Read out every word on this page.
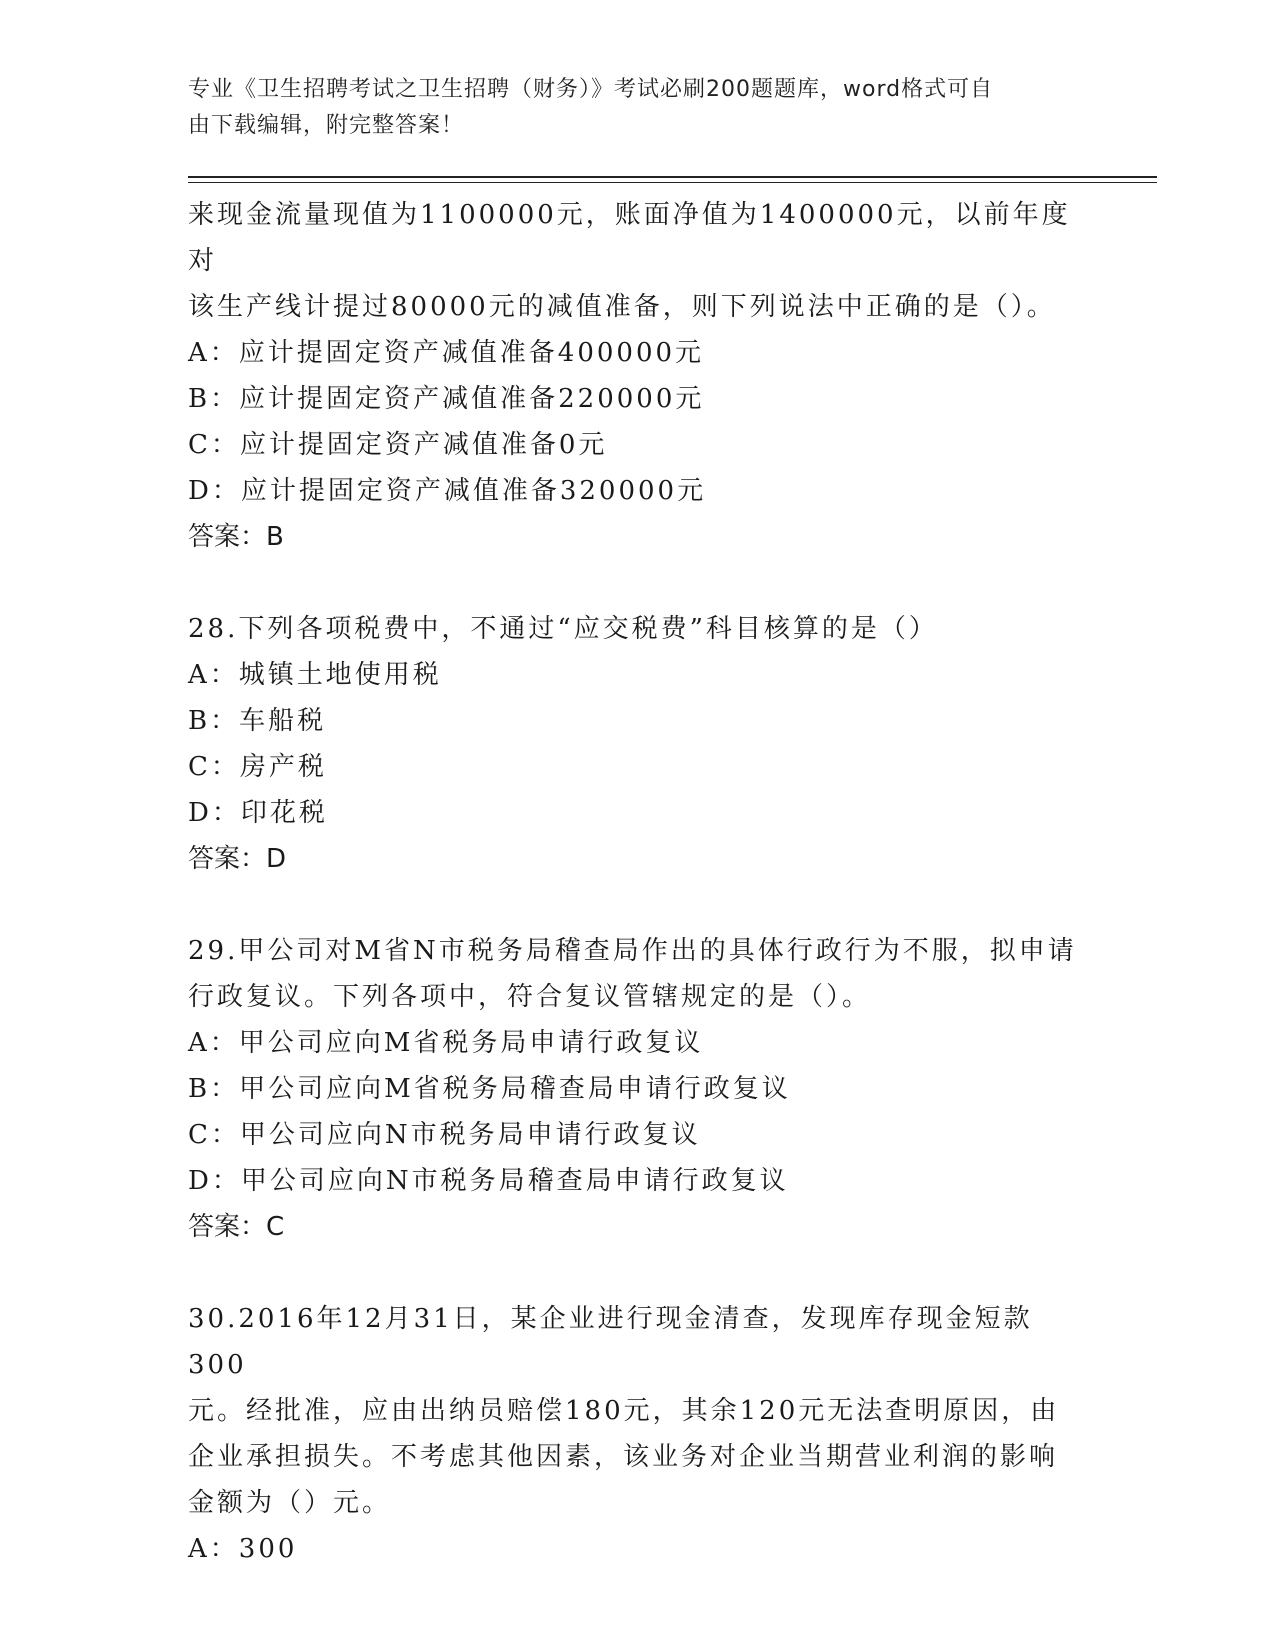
专业《卫生招聘考试之卫生招聘（财务）》考试必刷200题题库，word格式可自
由下载编辑，附完整答案！

来现金流量现值为1100000元，账面净值为1400000元，以前年度对

该生产线计提过80000元的减值准备，则下列说法中正确的是（）。

A：应计提固定资产减值准备400000元

B：应计提固定资产减值准备220000元

C：应计提固定资产减值准备0元

D：应计提固定资产减值准备320000元

答案：B

28.下列各项税费中，不通过“应交税费”科目核算的是（）

A：城镇土地使用税

B：车船税

C：房产税

D：印花税

答案：D

29.甲公司对M省N市税务局稽查局作出的具体行政行为不服，拟申请

行政复议。下列各项中，符合复议管辖规定的是（）。

A：甲公司应向M省税务局申请行政复议

B：甲公司应向M省税务局稽查局申请行政复议

C：甲公司应向N市税务局申请行政复议

D：甲公司应向N市税务局稽查局申请行政复议

答案：C

30.2016年12月31日，某企业进行现金清查，发现库存现金短款300

元。经批准，应由出纳员赔偿180元，其余120元无法查明原因，由

企业承担损失。不考虑其他因素，该业务对企业当期营业利润的影响

金额为（）元。

A：300
